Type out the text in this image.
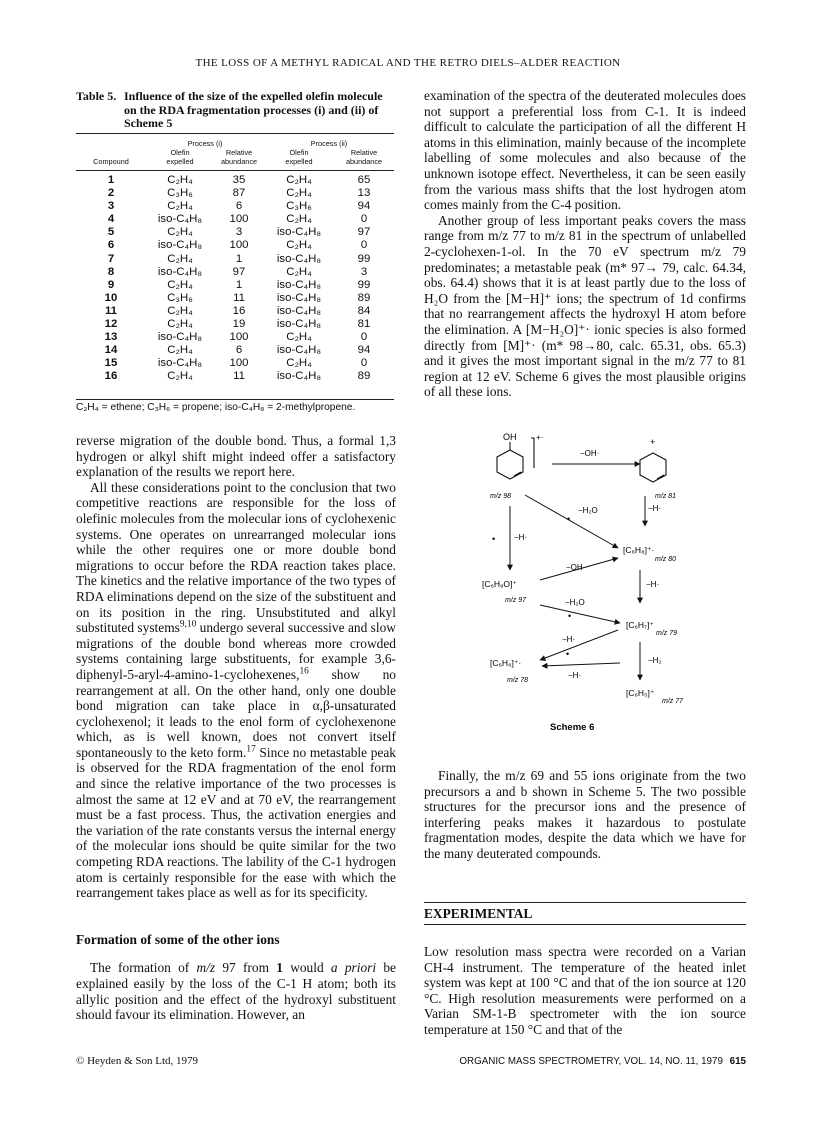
THE LOSS OF A METHYL RADICAL AND THE RETRO DIELS–ALDER REACTION
Table 5. Influence of the size of the expelled olefin molecule on the RDA fragmentation processes (i) and (ii) of Scheme 5
	Process (i)		Process (ii)	
	Olefin	Relative	Olefin	Relative
Compound	expelled	abundance	expelled	abundance

1	C₂H₄	35	C₂H₄	65
2	C₃H₆	87	C₂H₄	13
3	C₂H₄	6	C₃H₆	94
4	iso-C₄H₈	100	C₂H₄	0
5	C₂H₄	3	iso-C₄H₈	97
6	iso-C₄H₈	100	C₂H₄	0
7	C₂H₄	1	iso-C₄H₈	99
8	iso-C₄H₈	97	C₂H₄	3
9	C₂H₄	1	iso-C₄H₈	99
10	C₃H₆	11	iso-C₄H₈	89
11	C₂H₄	16	iso-C₄H₈	84
12	C₂H₄	19	iso-C₄H₈	81
13	iso-C₄H₈	100	C₂H₄	0
14	C₂H₄	6	iso-C₄H₈	94
15	iso-C₄H₈	100	C₂H₄	0
16	C₂H₄	11	iso-C₄H₈	89
C₂H₄ = ethene; C₃H₆ = propene; iso-C₄H₈ = 2-methylpropene.

reverse migration of the double bond. Thus, a formal 1,3 hydrogen or alkyl shift might indeed offer a satisfactory explanation of the results we report here.

All these considerations point to the conclusion that two competitive reactions are responsible for the loss of olefinic molecules from the molecular ions of cyclohexenic systems. One operates on unrearranged molecular ions while the other requires one or more double bond migrations to occur before the RDA reaction takes place. The kinetics and the relative importance of the two types of RDA eliminations depend on the size of the substituent and on its position in the ring. Unsubstituted and alkyl substituted systems$^{9,10}$ undergo several successive and slow migrations of the double bond whereas more crowded systems containing large substituents, for example 3,6-diphenyl-5-aryl-4-amino-1-cyclohexenes,$^{16}$ show no rearrangement at all. On the other hand, only one double bond migration can take place in α,β-unsaturated cyclohexenol; it leads to the enol form of cyclohexenone which, as is well known, does not convert itself spontaneously to the keto form.$^{17}$ Since no metastable peak is observed for the RDA fragmentation of the enol form and since the relative importance of the two processes is almost the same at 12 eV and at 70 eV, the rearrangement must be a fast process. Thus, the activation energies and the variation of the rate constants versus the internal energy of the molecular ions should be quite similar for the two competing RDA reactions. The lability of the C-1 hydrogen atom is certainly responsible for the ease with which the rearrangement takes place as well as for its specificity.

Formation of some of the other ions

The formation of m/z 97 from 1 would a priori be explained easily by the loss of the C-1 H atom; both its allylic position and the effect of the hydroxyl substituent should favour its elimination. However, an

examination of the spectra of the deuterated molecules does not support a preferential loss from C-1. It is indeed difficult to calculate the participation of all the different H atoms in this elimination, mainly because of the incomplete labelling of some molecules and also because of the unknown isotope effect. Nevertheless, it can be seen easily from the various mass shifts that the lost hydrogen atom comes mainly from the C-4 position.

Another group of less important peaks covers the mass range from m/z 77 to m/z 81 in the spectrum of unlabelled 2-cyclohexen-1-ol. In the 70 eV spectrum m/z 79 predominates; a metastable peak (m* 97→ 79, calc. 64.34, obs. 64.4) shows that it is at least partly due to the loss of H₂O from the [M−H]⁺ ions; the spectrum of 1d confirms that no rearrangement affects the hydroxyl H atom before the elimination. A [M−H₂O]⁺· ionic species is also formed directly from [M]⁺· (m* 98→80, calc. 65.31, obs. 65.3) and it gives the most important signal in the m/z 77 to 81 region at 12 eV. Scheme 6 gives the most plausible origins of all these ions.

OH +·
−OH·
+
m/z 98	m/z 81
• −H·
−H₂O
•
−H·
−OH·
[C₆H₈]⁺·
m/z 80
[C₆H₉O]⁺
m/z 97
−H·
−H₂O
•
[C₆H₇]⁺
m/z 79
−H·
•
−H·
[C₆H₆]⁺·
m/z 78
−H₂
[C₆H₅]⁺
m/z 77
Scheme 6

Finally, the m/z 69 and 55 ions originate from the two precursors a and b shown in Scheme 5. The two possible structures for the precursor ions and the presence of interfering peaks makes it hazardous to postulate fragmentation modes, despite the data which we have for the many deuterated compounds.

EXPERIMENTAL

Low resolution mass spectra were recorded on a Varian CH-4 instrument. The temperature of the heated inlet system was kept at 100 °C and that of the ion source at 120 °C. High resolution measurements were performed on a Varian SM-1-B spectrometer with the ion source temperature at 150 °C and that of the

© Heyden & Son Ltd, 1979	ORGANIC MASS SPECTROMETRY, VOL. 14, NO. 11, 1979 615
